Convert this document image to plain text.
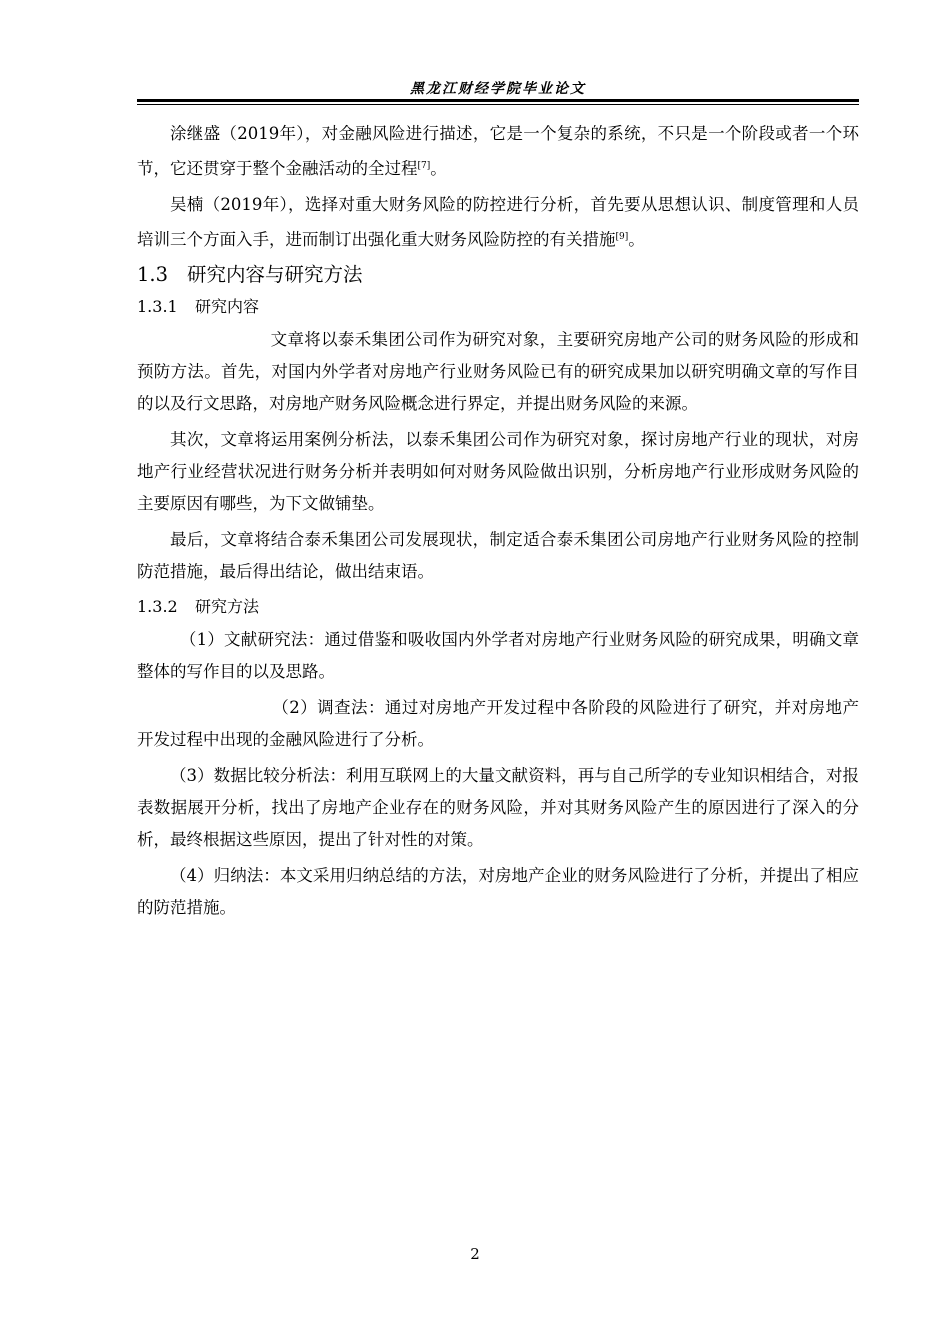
黑龙江财经学院毕业论文

涂继盛（2019年），对金融风险进行描述，它是一个复杂的系统，不只是一个阶段或者一个环节，它还贯穿于整个金融活动的全过程[7]。

吴楠（2019年），选择对重大财务风险的防控进行分析，首先要从思想认识、制度管理和人员培训三个方面入手，进而制订出强化重大财务风险防控的有关措施[9]。

1.3 研究内容与研究方法
1.3.1 研究内容

文章将以泰禾集团公司作为研究对象，主要研究房地产公司的财务风险的形成和预防方法。首先，对国内外学者对房地产行业财务风险已有的研究成果加以研究明确文章的写作目的以及行文思路，对房地产财务风险概念进行界定，并提出财务风险的来源。

其次，文章将运用案例分析法，以泰禾集团公司作为研究对象，探讨房地产行业的现状，对房地产行业经营状况进行财务分析并表明如何对财务风险做出识别，分析房地产行业形成财务风险的主要原因有哪些，为下文做铺垫。

最后，文章将结合泰禾集团公司发展现状，制定适合泰禾集团公司房地产行业财务风险的控制防范措施，最后得出结论，做出结束语。

1.3.2 研究方法

（1）文献研究法：通过借鉴和吸收国内外学者对房地产行业财务风险的研究成果，明确文章整体的写作目的以及思路。

（2）调查法：通过对房地产开发过程中各阶段的风险进行了研究，并对房地产开发过程中出现的金融风险进行了分析。

（3）数据比较分析法：利用互联网上的大量文献资料，再与自己所学的专业知识相结合，对报表数据展开分析，找出了房地产企业存在的财务风险，并对其财务风险产生的原因进行了深入的分析，最终根据这些原因，提出了针对性的对策。

（4）归纳法：本文采用归纳总结的方法，对房地产企业的财务风险进行了分析，并提出了相应的防范措施。

2
